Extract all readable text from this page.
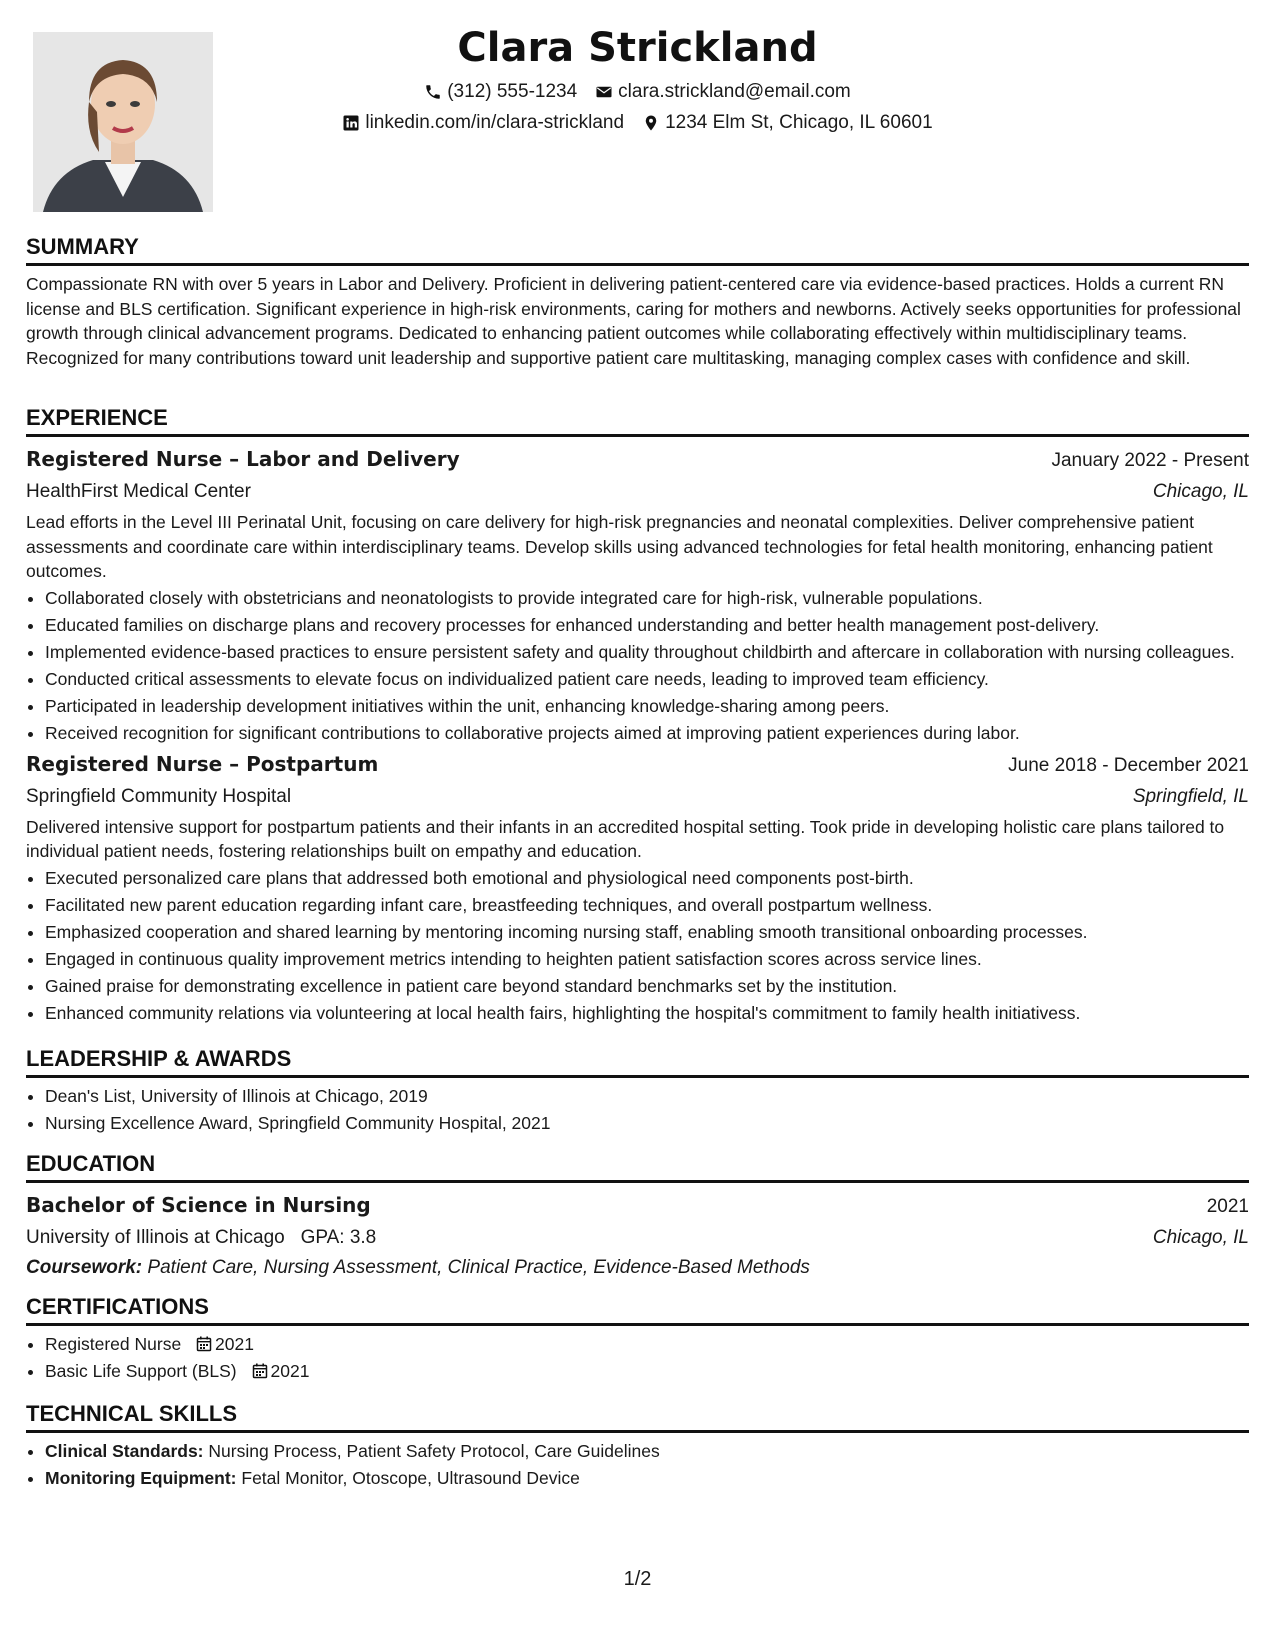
Clara Strickland
(312) 555-1234 clara.strickland@email.com
linkedin.com/in/clara-strickland 1234 Elm St, Chicago, IL 60601
SUMMARY

Compassionate RN with over 5 years in Labor and Delivery. Proficient in delivering patient-centered care via evidence-based practices. Holds a current RN license and BLS certification. Significant experience in high-risk environments, caring for mothers and newborns. Actively seeks opportunities for professional growth through clinical advancement programs. Dedicated to enhancing patient outcomes while collaborating effectively within multidisciplinary teams. Recognized for many contributions toward unit leadership and supportive patient care multitasking, managing complex cases with confidence and skill.

EXPERIENCE
Registered Nurse – Labor and Delivery	January 2022 - Present
HealthFirst Medical Center	Chicago, IL

Lead efforts in the Level III Perinatal Unit, focusing on care delivery for high-risk pregnancies and neonatal complexities. Deliver comprehensive patient assessments and coordinate care within interdisciplinary teams. Develop skills using advanced technologies for fetal health monitoring, enhancing patient outcomes.

• Collaborated closely with obstetricians and neonatologists to provide integrated care for high-risk, vulnerable populations.
• Educated families on discharge plans and recovery processes for enhanced understanding and better health management post-delivery.
• Implemented evidence-based practices to ensure persistent safety and quality throughout childbirth and aftercare in collaboration with nursing colleagues.
• Conducted critical assessments to elevate focus on individualized patient care needs, leading to improved team efficiency.
• Participated in leadership development initiatives within the unit, enhancing knowledge-sharing among peers.
• Received recognition for significant contributions to collaborative projects aimed at improving patient experiences during labor.
Registered Nurse – Postpartum	June 2018 - December 2021
Springfield Community Hospital	Springfield, IL

Delivered intensive support for postpartum patients and their infants in an accredited hospital setting. Took pride in developing holistic care plans tailored to individual patient needs, fostering relationships built on empathy and education.

• Executed personalized care plans that addressed both emotional and physiological need components post-birth.
• Facilitated new parent education regarding infant care, breastfeeding techniques, and overall postpartum wellness.
• Emphasized cooperation and shared learning by mentoring incoming nursing staff, enabling smooth transitional onboarding processes.
• Engaged in continuous quality improvement metrics intending to heighten patient satisfaction scores across service lines.
• Gained praise for demonstrating excellence in patient care beyond standard benchmarks set by the institution.
• Enhanced community relations via volunteering at local health fairs, highlighting the hospital's commitment to family health initiativess.
LEADERSHIP & AWARDS
• Dean's List, University of Illinois at Chicago, 2019
• Nursing Excellence Award, Springfield Community Hospital, 2021
EDUCATION
Bachelor of Science in Nursing	2021
University of Illinois at Chicago GPA: 3.8	Chicago, IL
Coursework: Patient Care, Nursing Assessment, Clinical Practice, Evidence-Based Methods
CERTIFICATIONS
• Registered Nurse 2021
• Basic Life Support (BLS) 2021
TECHNICAL SKILLS
• Clinical Standards: Nursing Process, Patient Safety Protocol, Care Guidelines
• Monitoring Equipment: Fetal Monitor, Otoscope, Ultrasound Device
1/2
